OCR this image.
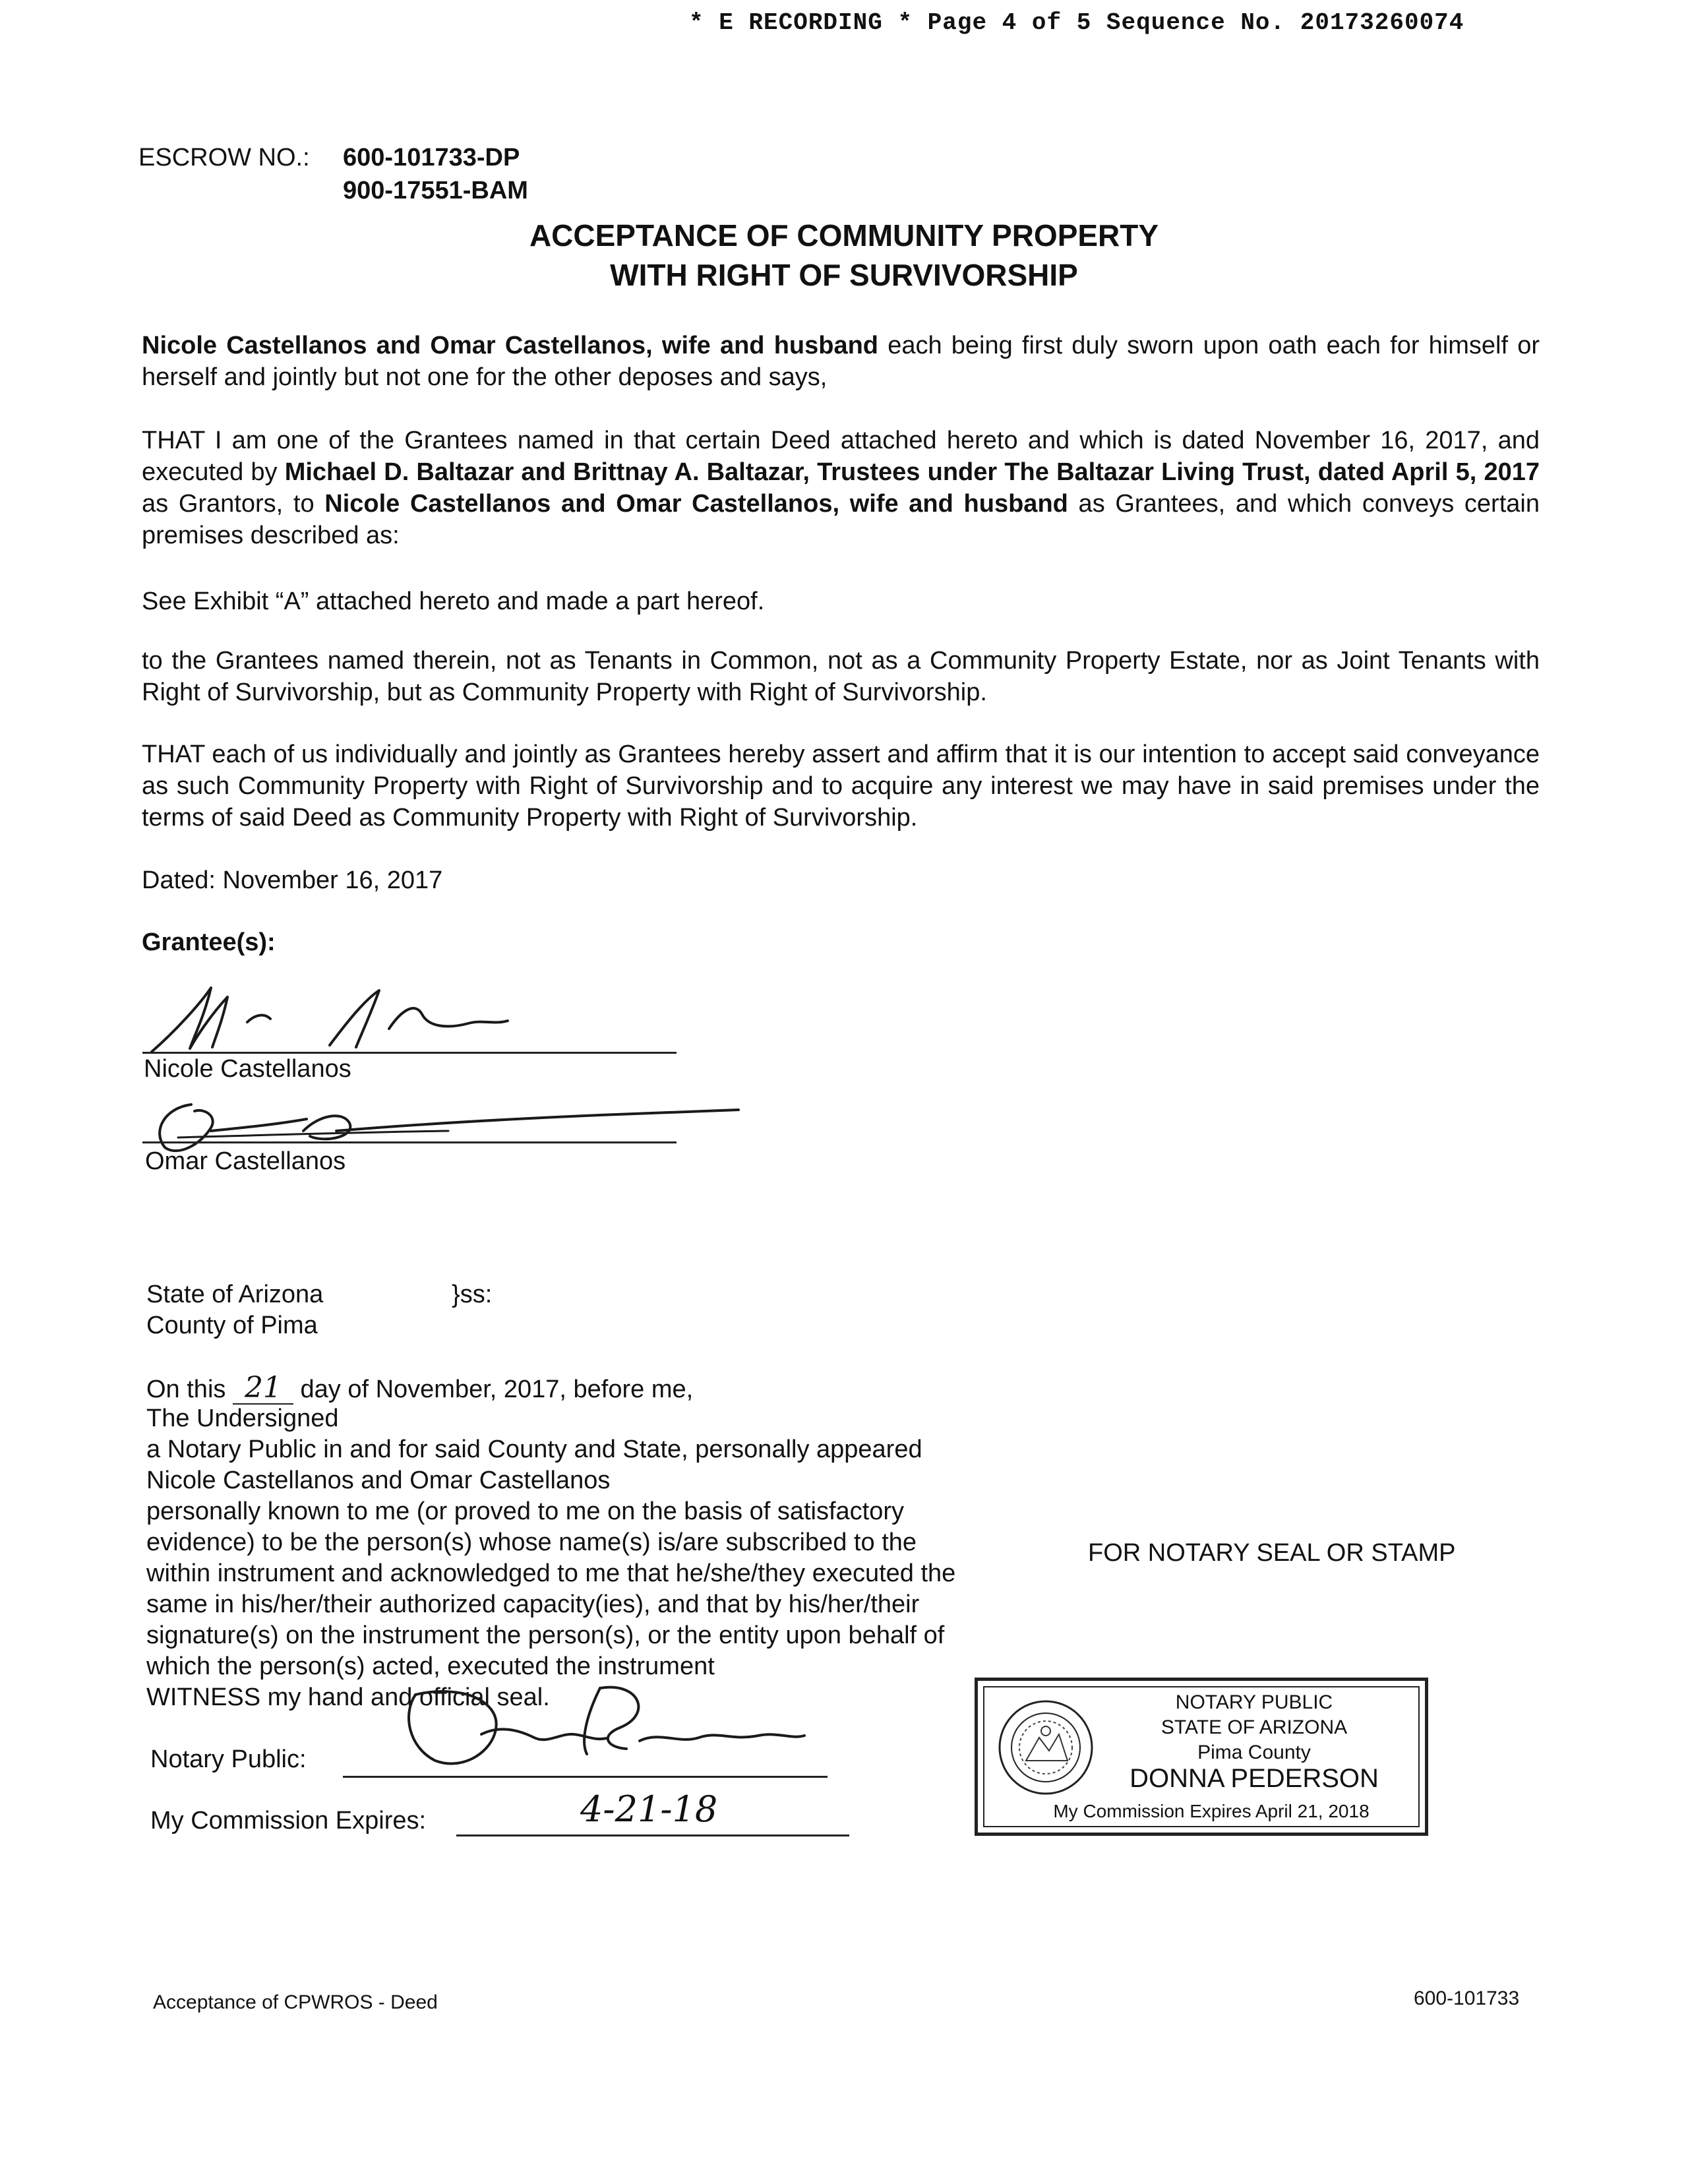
* E RECORDING * Page 4 of 5 Sequence No. 20173260074
ESCROW NO.: 600-101733-DP
900-17551-BAM
ACCEPTANCE OF COMMUNITY PROPERTY
WITH RIGHT OF SURVIVORSHIP
Nicole Castellanos and Omar Castellanos, wife and husband each being first duly sworn upon oath each for himself or herself and jointly but not one for the other deposes and says,
THAT I am one of the Grantees named in that certain Deed attached hereto and which is dated November 16, 2017, and executed by Michael D. Baltazar and Brittnay A. Baltazar, Trustees under The Baltazar Living Trust, dated April 5, 2017 as Grantors, to Nicole Castellanos and Omar Castellanos, wife and husband as Grantees, and which conveys certain premises described as:
See Exhibit “A” attached hereto and made a part hereof.
to the Grantees named therein, not as Tenants in Common, not as a Community Property Estate, nor as Joint Tenants with Right of Survivorship, but as Community Property with Right of Survivorship.
THAT each of us individually and jointly as Grantees hereby assert and affirm that it is our intention to accept said conveyance as such Community Property with Right of Survivorship and to acquire any interest we may have in said premises under the terms of said Deed as Community Property with Right of Survivorship.
Dated: November 16, 2017
Grantee(s):
Nicole Castellanos
Omar Castellanos
State of Arizona	}ss:
County of Pima
On this 21 day of November, 2017, before me,
The Undersigned
a Notary Public in and for said County and State, personally appeared
Nicole Castellanos and Omar Castellanos
personally known to me (or proved to me on the basis of satisfactory
evidence) to be the person(s) whose name(s) is/are subscribed to the
within instrument and acknowledged to me that he/she/they executed the
same in his/her/their authorized capacity(ies), and that by his/her/their
signature(s) on the instrument the person(s), or the entity upon behalf of
which the person(s) acted, executed the instrument
WITNESS my hand and official seal.
Notary Public:
My Commission Expires:	4-21-18
FOR NOTARY SEAL OR STAMP
NOTARY PUBLIC
STATE OF ARIZONA
Pima County
DONNA PEDERSON
My Commission Expires April 21, 2018
Acceptance of CPWROS - Deed	600-101733
